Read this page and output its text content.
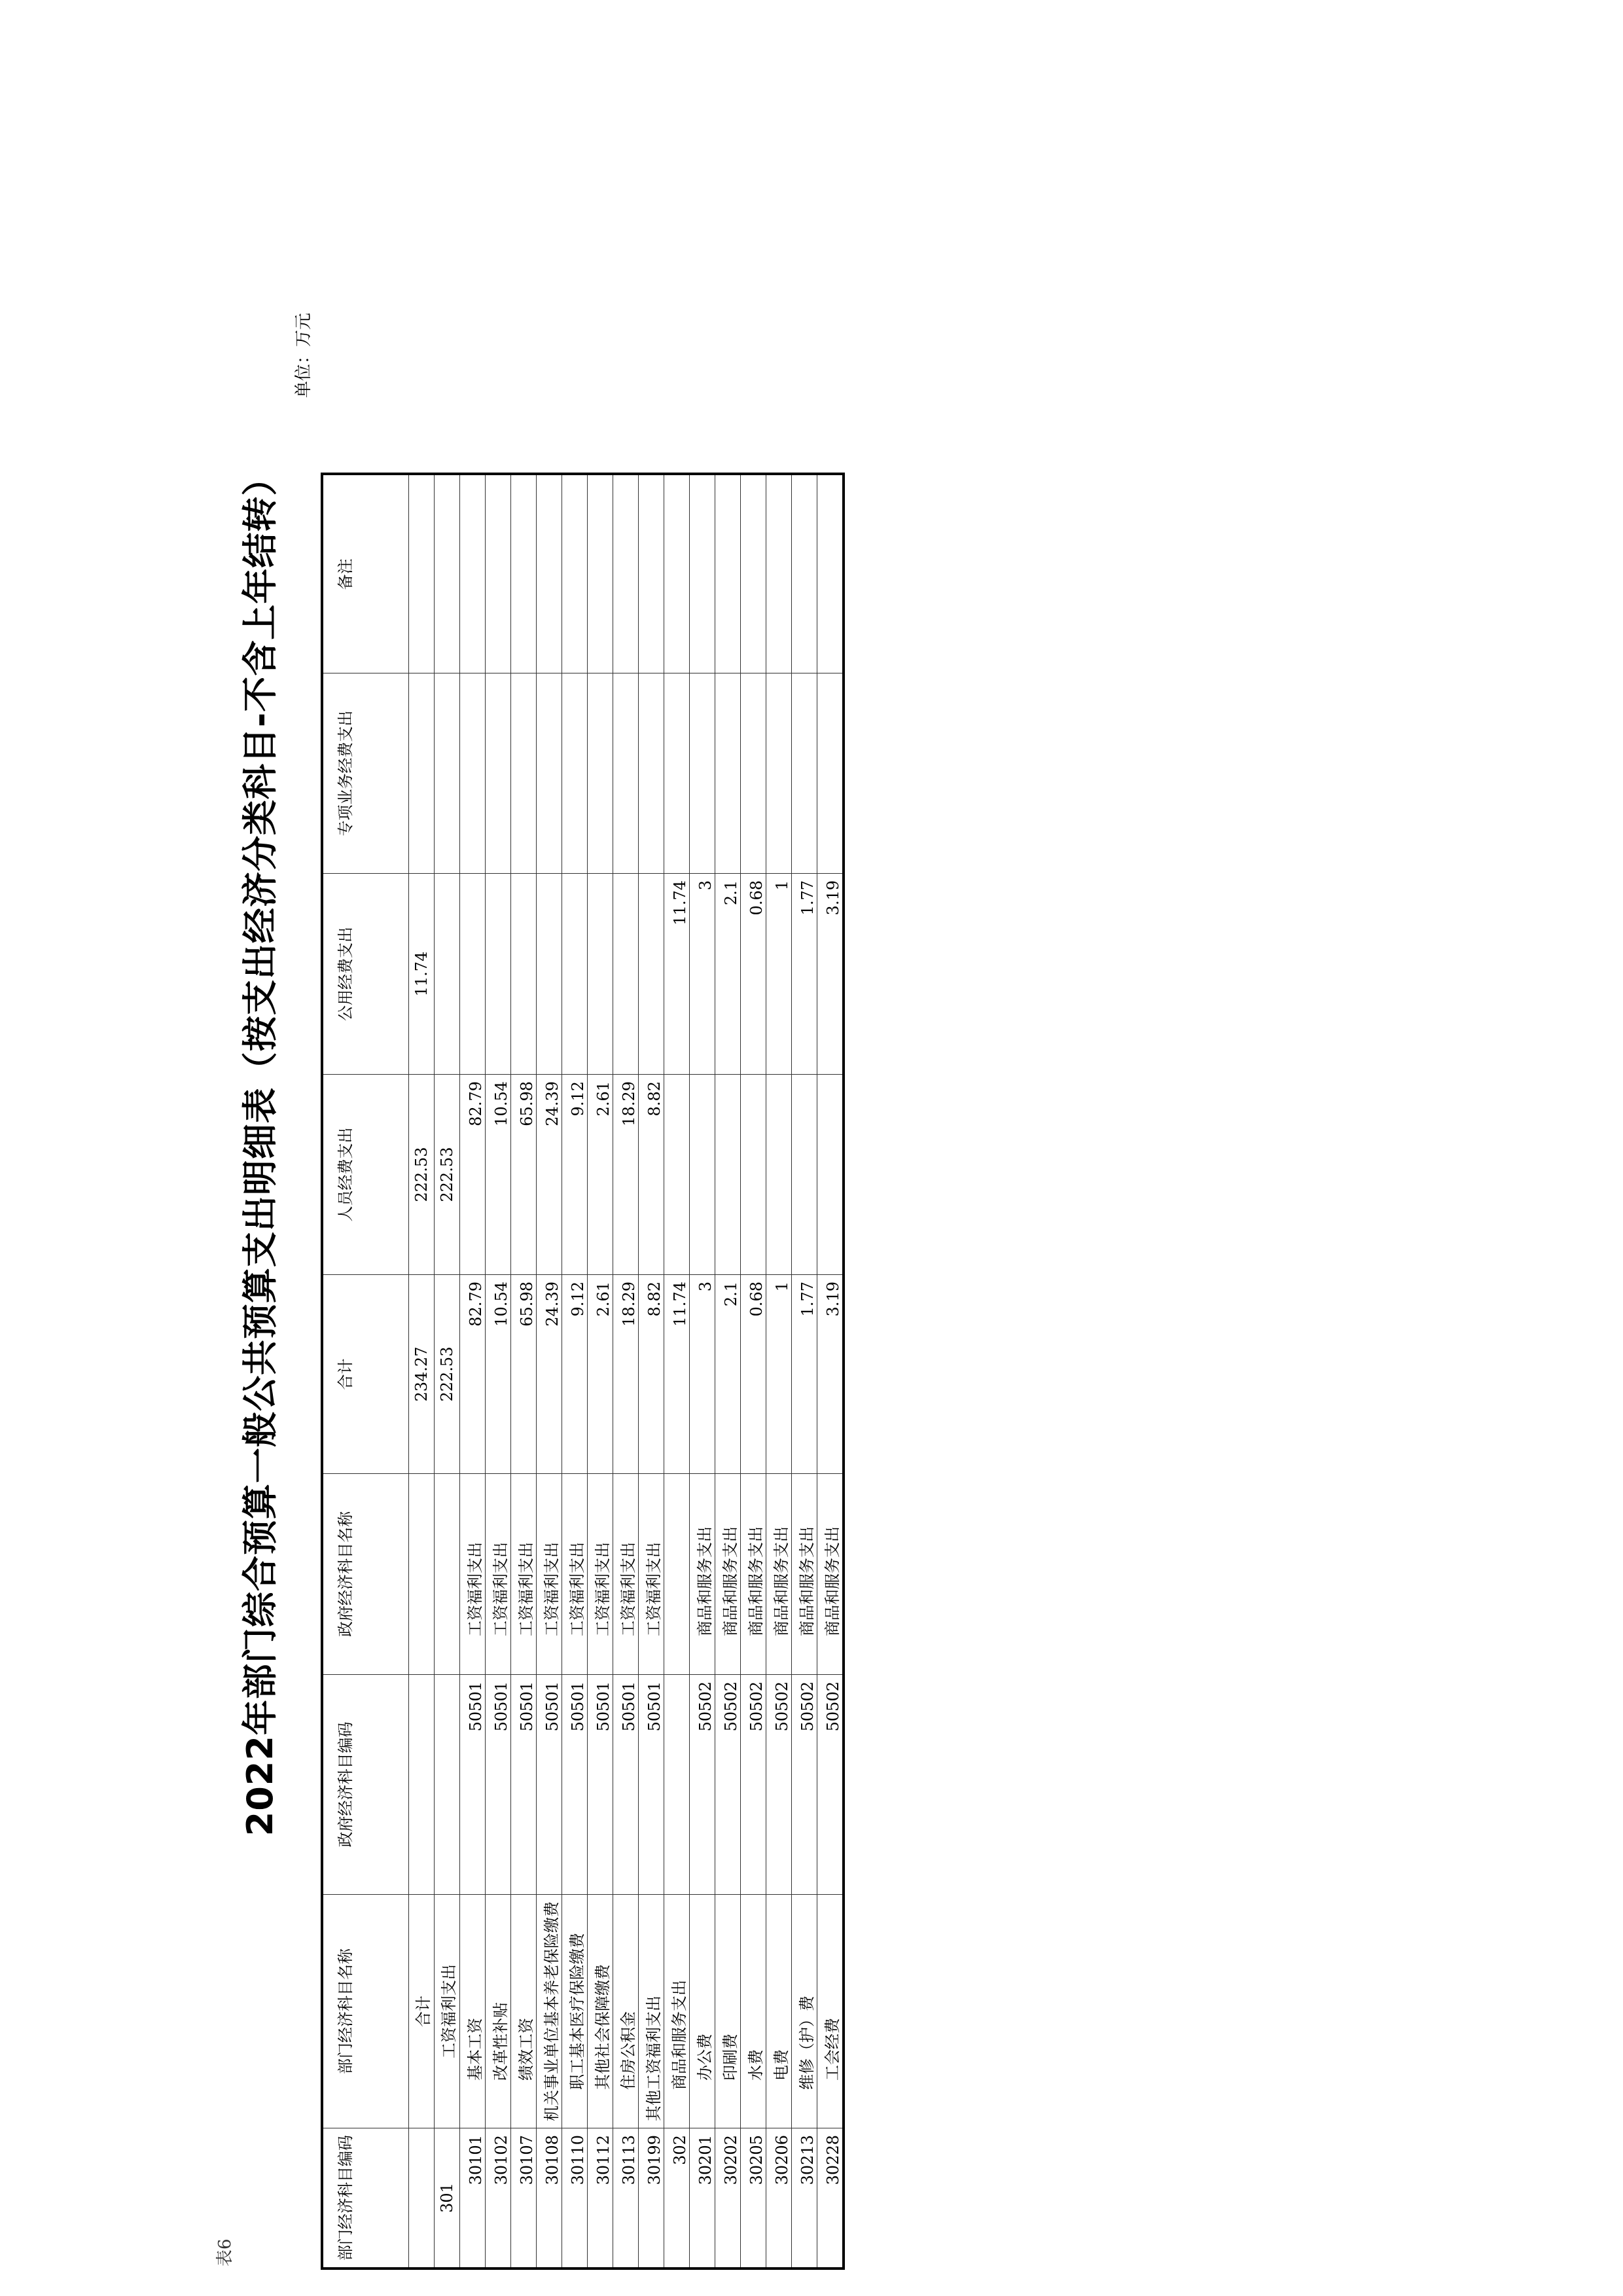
表6
2022年部门综合预算一般公共预算支出明细表（按支出经济分类科目-不含上年结转）
单位：万元
部门经济科目编码	部门经济科目名称	政府经济科目编码	政府经济科目名称	合计	人员经费支出	公用经费支出	专项业务经费支出	备注
	合计			234.27	222.53	11.74		
301	工资福利支出			222.53	222.53			
30101	基本工资	50501	工资福利支出	82.79	82.79			
30102	改革性补贴	50501	工资福利支出	10.54	10.54			
30107	绩效工资	50501	工资福利支出	65.98	65.98			
30108	机关事业单位基本养老保险缴费	50501	工资福利支出	24.39	24.39			
30110	职工基本医疗保险缴费	50501	工资福利支出	9.12	9.12			
30112	其他社会保障缴费	50501	工资福利支出	2.61	2.61			
30113	住房公积金	50501	工资福利支出	18.29	18.29			
30199	其他工资福利支出	50501	工资福利支出	8.82	8.82			
302	商品和服务支出			11.74		11.74		
30201	办公费	50502	商品和服务支出	3		3		
30202	印刷费	50502	商品和服务支出	2.1		2.1		
30205	水费	50502	商品和服务支出	0.68		0.68		
30206	电费	50502	商品和服务支出	1		1		
30213	维修（护）费	50502	商品和服务支出	1.77		1.77		
30228	工会经费	50502	商品和服务支出	3.19		3.19		
